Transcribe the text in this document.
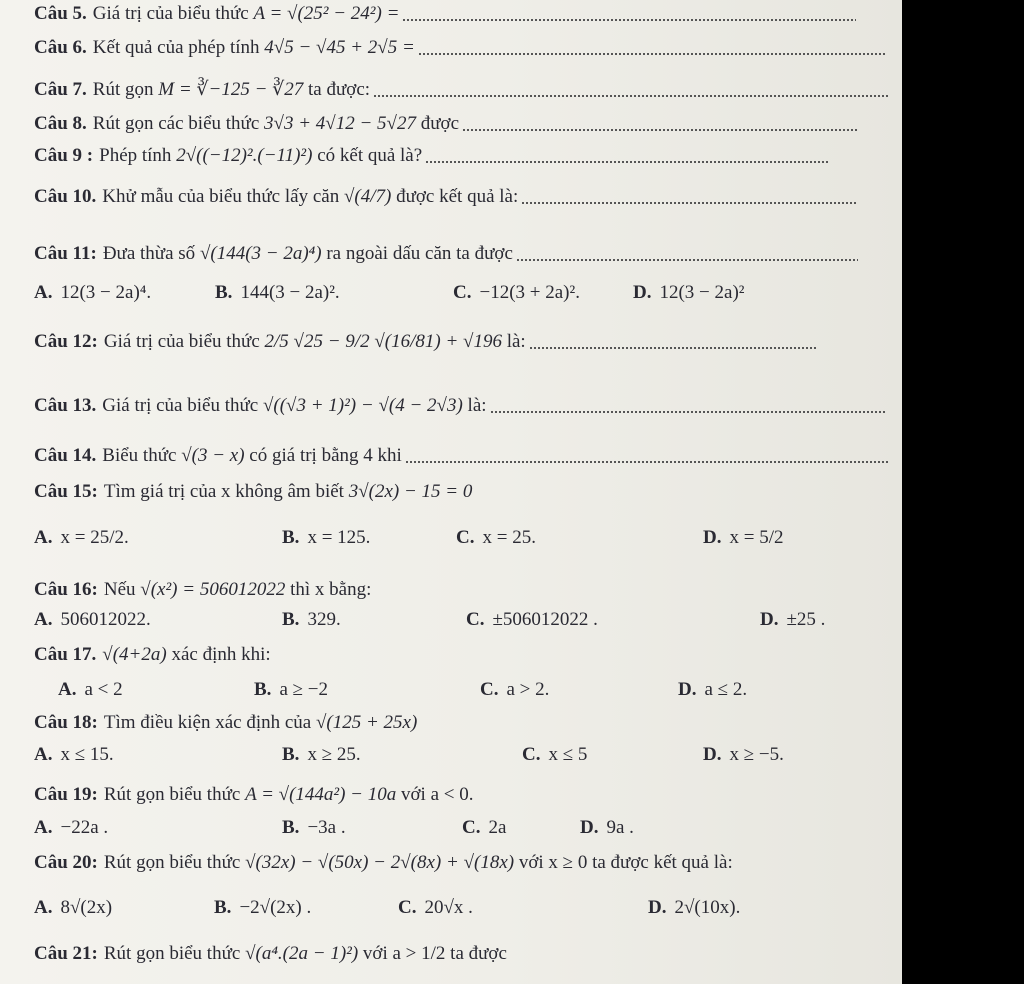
Câu 5. Giá trị của biểu thức
A = √(25² − 24²) =
Câu 6. Kết quả của phép tính
4√5 − √45 + 2√5 =
Câu 7. Rút gọn
M = ∛−125 − ∛27
ta được:
Câu 8. Rút gọn các biểu thức
3√3 + 4√12 − 5√27
được
Câu 9 : Phép tính
2√((−12)².(−11)²)
có kết quả là?
Câu 10. Khử mẫu của biểu thức lấy căn
√(4/7)
được kết quả là:
Câu 11: Đưa thừa số
√(144(3 − 2a)⁴)
ra ngoài dấu căn ta được
A. 12(3 − 2a)⁴.	B. 144(3 − 2a)².	C. −12(3 + 2a)².	D. 12(3 − 2a)²
Câu 12: Giá trị của biểu thức
2/5 √25 − 9/2 √(16/81) + √196
là:
Câu 13. Giá trị của biểu thức
√((√3 + 1)²) − √(4 − 2√3)
là:
Câu 14. Biểu thức
√(3 − x)
có giá trị bằng 4 khi
Câu 15: Tìm giá trị của x không âm biết
3√(2x) − 15 = 0
A. x = 25/2.	B. x = 125.	C. x = 25.	D. x = 5/2
Câu 16: Nếu
√(x²) = 506012022
thì x bằng:
A. 506012022.	B. 329.	C. ±506012022 .	D. ±25 .
Câu 17. √(4+2a)
xác định khi:
A. a < 2	B. a ≥ −2	C. a > 2.	D. a ≤ 2.
Câu 18: Tìm điều kiện xác định của
√(125 + 25x)
A. x ≤ 15.	B. x ≥ 25.	C. x ≤ 5	D. x ≥ −5.
Câu 19: Rút gọn biểu thức
A = √(144a²) − 10a
với a < 0.
A. −22a .	B. −3a .	C. 2a	D. 9a .
Câu 20: Rút gọn biểu thức
√(32x) − √(50x) − 2√(8x) + √(18x)
với x ≥ 0 ta được kết quả là:
A. 8√(2x)	B. −2√(2x) .	C. 20√x .	D. 2√(10x).
Câu 21: Rút gọn biểu thức
√(a⁴.(2a − 1)²)
với a > 1/2 ta được
